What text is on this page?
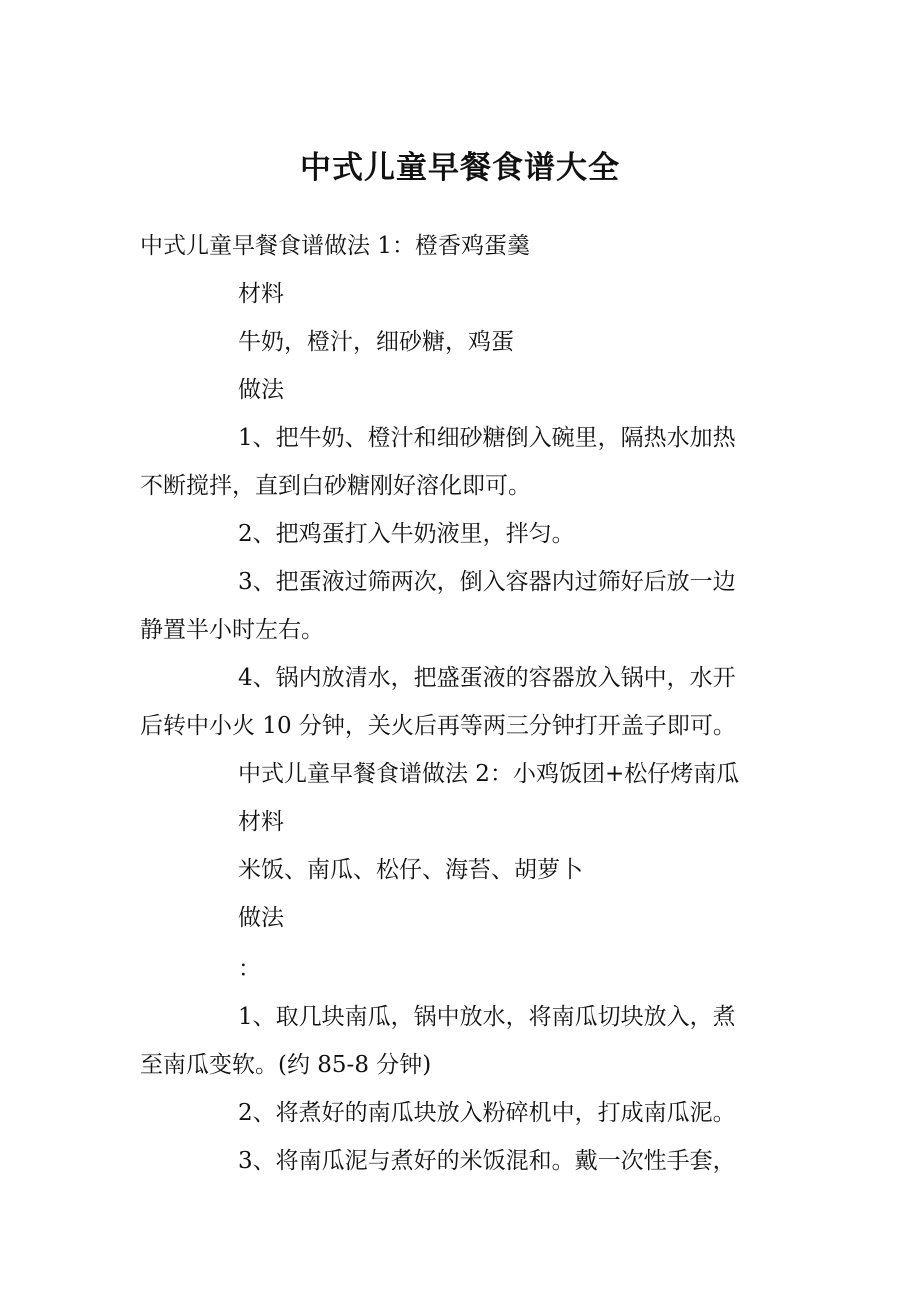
中式儿童早餐食谱大全

中式儿童早餐食谱做法 1：橙香鸡蛋羹

材料

牛奶，橙汁，细砂糖，鸡蛋

做法

1、把牛奶、橙汁和细砂糖倒入碗里，隔热水加热

不断搅拌，直到白砂糖刚好溶化即可。

2、把鸡蛋打入牛奶液里，拌匀。

3、把蛋液过筛两次，倒入容器内过筛好后放一边

静置半小时左右。

4、锅内放清水，把盛蛋液的容器放入锅中，水开

后转中小火 10 分钟，关火后再等两三分钟打开盖子即可。

中式儿童早餐食谱做法 2：小鸡饭团+松仔烤南瓜

材料

米饭、南瓜、松仔、海苔、胡萝卜

做法

：

1、取几块南瓜，锅中放水，将南瓜切块放入，煮

至南瓜变软。(约 85-8 分钟)

2、将煮好的南瓜块放入粉碎机中，打成南瓜泥。

3、将南瓜泥与煮好的米饭混和。戴一次性手套，
